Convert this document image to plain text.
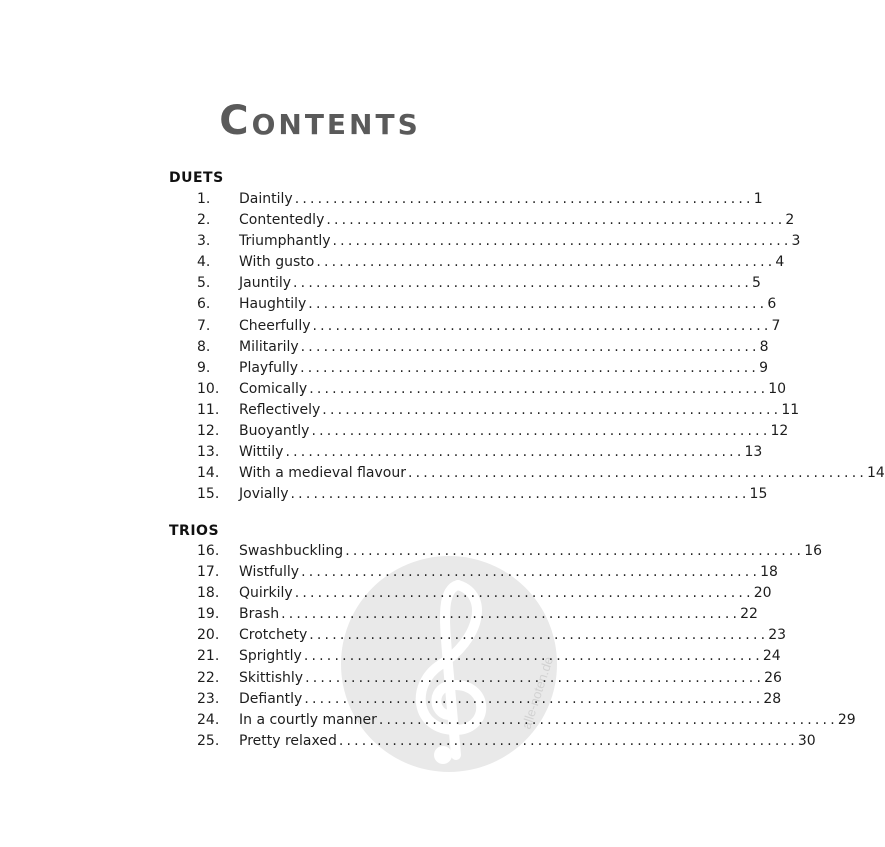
alle-noten.de
Contents
DUETS
1. Daintily ............................................................ 1
2. Contentedly ............................................................ 2
3. Triumphantly ............................................................ 3
4. With gusto ............................................................ 4
5. Jauntily ............................................................ 5
6. Haughtily ............................................................ 6
7. Cheerfully ............................................................ 7
8. Militarily ............................................................ 8
9. Playfully ............................................................ 9
10. Comically ............................................................ 10
11. Reflectively ............................................................ 11
12. Buoyantly ............................................................ 12
13. Wittily ............................................................ 13
14. With a medieval flavour ............................................................ 14
15. Jovially ............................................................ 15
TRIOS
16. Swashbuckling ............................................................ 16
17. Wistfully ............................................................ 18
18. Quirkily ............................................................ 20
19. Brash ............................................................ 22
20. Crotchety ............................................................ 23
21. Sprightly ............................................................ 24
22. Skittishly ............................................................ 26
23. Defiantly ............................................................ 28
24. In a courtly manner ............................................................ 29
25. Pretty relaxed ............................................................ 30
